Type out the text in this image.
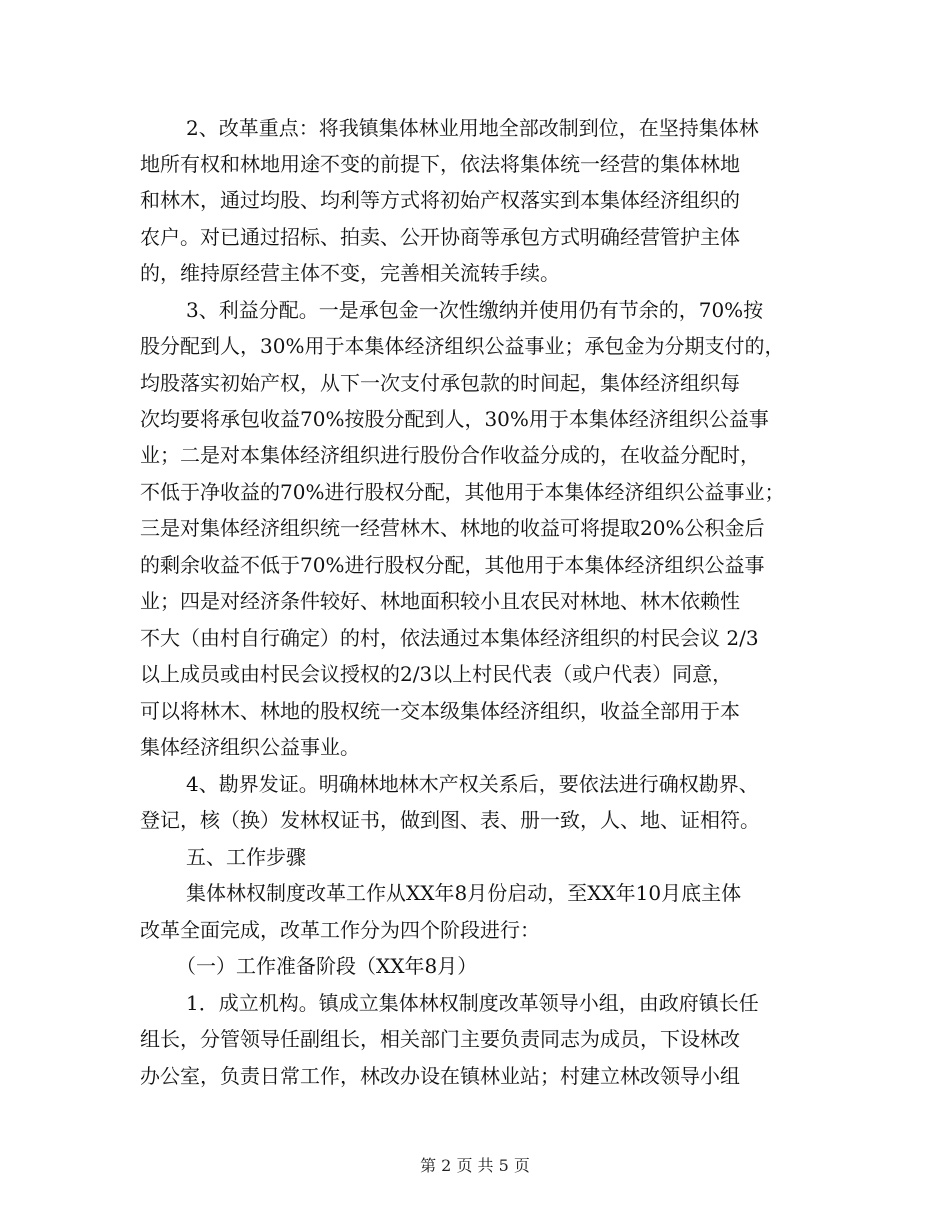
2、改革重点：将我镇集体林业用地全部改制到位，在坚持集体林
地所有权和林地用途不变的前提下，依法将集体统一经营的集体林地
和林木，通过均股、均利等方式将初始产权落实到本集体经济组织的
农户。对已通过招标、拍卖、公开协商等承包方式明确经营管护主体
的，维持原经营主体不变，完善相关流转手续。
3、利益分配。一是承包金一次性缴纳并使用仍有节余的，70%按
股分配到人，30%用于本集体经济组织公益事业；承包金为分期支付的，
均股落实初始产权，从下一次支付承包款的时间起，集体经济组织每
次均要将承包收益70%按股分配到人，30%用于本集体经济组织公益事
业；二是对本集体经济组织进行股份合作收益分成的，在收益分配时，
不低于净收益的70%进行股权分配，其他用于本集体经济组织公益事业；
三是对集体经济组织统一经营林木、林地的收益可将提取20%公积金后
的剩余收益不低于70%进行股权分配，其他用于本集体经济组织公益事
业；四是对经济条件较好、林地面积较小且农民对林地、林木依赖性
不大（由村自行确定）的村，依法通过本集体经济组织的村民会议 2/3
以上成员或由村民会议授权的2/3以上村民代表（或户代表）同意，
可以将林木、林地的股权统一交本级集体经济组织，收益全部用于本
集体经济组织公益事业。
4、勘界发证。明确林地林木产权关系后，要依法进行确权勘界、
登记，核（换）发林权证书，做到图、表、册一致，人、地、证相符。
五、工作步骤
集体林权制度改革工作从XX年8月份启动，至XX年10月底主体
改革全面完成，改革工作分为四个阶段进行：
（一）工作准备阶段（XX年8月）
1．成立机构。镇成立集体林权制度改革领导小组，由政府镇长任
组长，分管领导任副组长，相关部门主要负责同志为成员，下设林改
办公室，负责日常工作，林改办设在镇林业站；村建立林改领导小组
第 2 页 共 5 页
